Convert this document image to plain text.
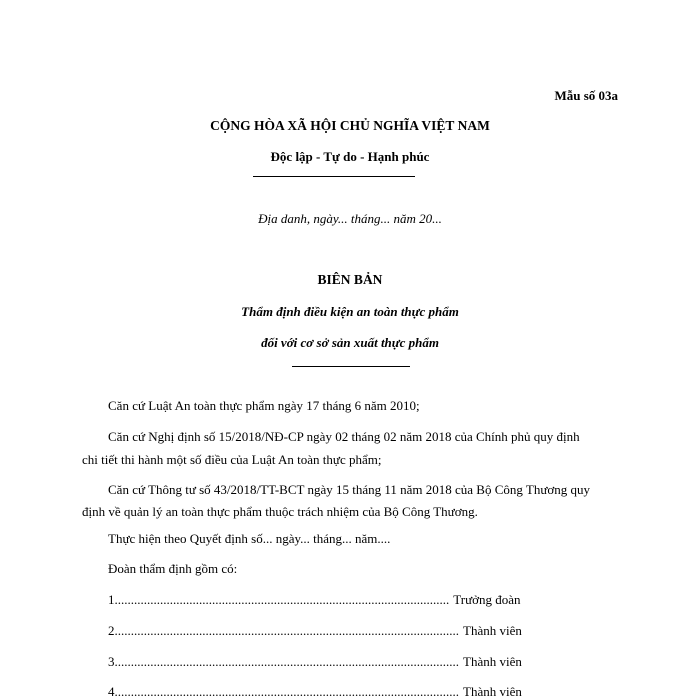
Mẫu số 03a
CỘNG HÒA XÃ HỘI CHỦ NGHĨA VIỆT NAM
Độc lập - Tự do - Hạnh phúc
Địa danh, ngày... tháng... năm 20...
BIÊN BẢN
Thẩm định điều kiện an toàn thực phẩm
đối với cơ sở sản xuất thực phẩm
Căn cứ Luật An toàn thực phẩm ngày 17 tháng 6 năm 2010;
Căn cứ Nghị định số 15/2018/NĐ-CP ngày 02 tháng 02 năm 2018 của Chính phủ quy định
chi tiết thi hành một số điều của Luật An toàn thực phẩm;
Căn cứ Thông tư số 43/2018/TT-BCT ngày 15 tháng 11 năm 2018 của Bộ Công Thương quy
định về quản lý an toàn thực phẩm thuộc trách nhiệm của Bộ Công Thương.
Thực hiện theo Quyết định số... ngày... tháng... năm....
Đoàn thẩm định gồm có:
1....................................................................................................... Trưởng đoàn
2.......................................................................................................... Thành viên
3.......................................................................................................... Thành viên
4.......................................................................................................... Thành viên
